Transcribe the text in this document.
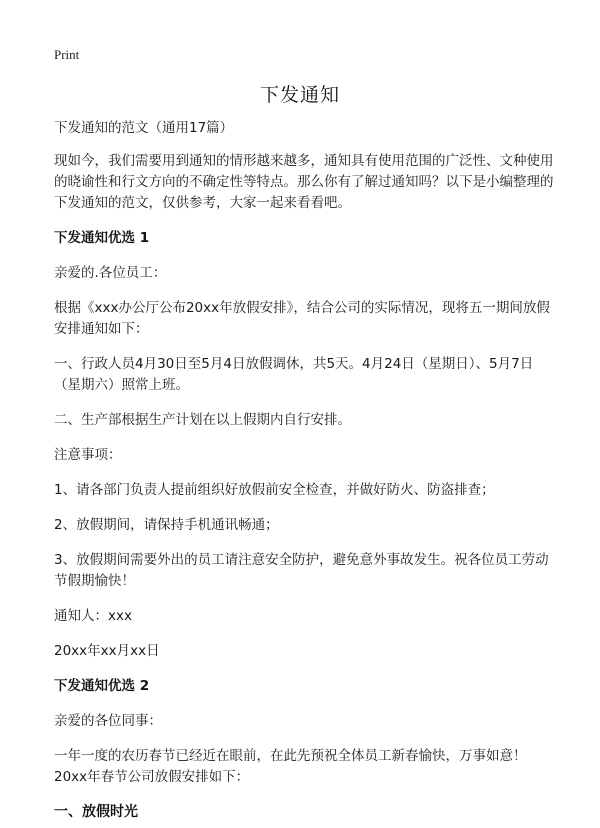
Print
下发通知

下发通知的范文（通用17篇）

现如今，我们需要用到通知的情形越来越多，通知具有使用范围的广泛性、文种使用的晓谕性和行文方向的不确定性等特点。那么你有了解过通知吗？以下是小编整理的下发通知的范文，仅供参考，大家一起来看看吧。

下发通知优选 1

亲爱的.各位员工：

根据《xxx办公厅公布20xx年放假安排》，结合公司的实际情况，现将五一期间放假安排通知如下：

一、行政人员4月30日至5月4日放假调休，共5天。4月24日（星期日）、5月7日（星期六）照常上班。

二、生产部根据生产计划在以上假期内自行安排。

注意事项：

1、请各部门负责人提前组织好放假前安全检查，并做好防火、防盗排查；

2、放假期间，请保持手机通讯畅通；

3、放假期间需要外出的员工请注意安全防护，避免意外事故发生。祝各位员工劳动节假期愉快！

通知人：xxx

20xx年xx月xx日

下发通知优选 2

亲爱的各位同事：

一年一度的农历春节已经近在眼前，在此先预祝全体员工新春愉快，万事如意！20xx年春节公司放假安排如下：

一、放假时光
